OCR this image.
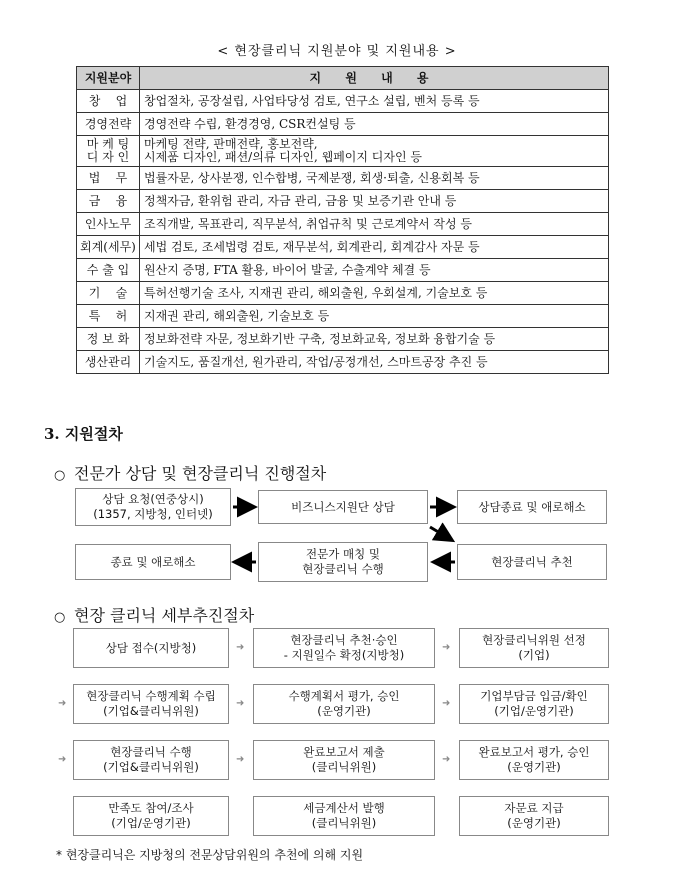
< 현장클리닉 지원분야 및 지원내용 >
지원분야	지 원 내 용
창    업	창업절차, 공장설립, 사업타당성 검토, 연구소 설립, 벤처 등록 등
경영전략	경영전략 수립, 환경경영, CSR컨설팅 등
마 케 팅
디 자 인	마케팅 전략, 판매전략, 홍보전략,
시제품 디자인, 패션/의류 디자인, 웹페이지 디자인 등
법    무	법률자문, 상사분쟁, 인수합병, 국제분쟁, 회생·퇴출, 신용회복 등
금    융	정책자금, 환위험 관리, 자금 관리, 금융 및 보증기관 안내 등
인사노무	조직개발, 목표관리, 직무분석, 취업규칙 및 근로계약서 작성 등
회계(세무)	세법 검토, 조세법령 검토, 재무분석, 회계관리, 회계감사 자문 등
수 출 입	원산지 증명, FTA 활용, 바이어 발굴, 수출계약 체결 등
기    술	특허선행기술 조사, 지재권 관리, 해외출원, 우회설계, 기술보호 등
특    허	지재권 관리, 해외출원, 기술보호 등
정 보 화	정보화전략 자문, 정보화기반 구축, 정보화교육, 정보화 융합기술 등
생산관리	기술지도, 품질개선, 원가관리, 작업/공정개선, 스마트공장 추진 등
3. 지원절차
○ 전문가 상담 및 현장클리닉 진행절차
상담 요청(연중상시)
(1357, 지방청, 인터넷)
비즈니스지원단 상담	상담종료 및 애로해소
종료 및 애로해소
전문가 매칭 및
현장클리닉 수행
현장클리닉 추천
○ 현장 클리닉 세부추진절차
상담 접수(지방청)
현장클리닉 추천·승인
- 지원일수 확정(지방청)
현장클리닉위원 선정
(기업)
현장클리닉 수행계획 수립
(기업&클리닉위원)
수행계획서 평가, 승인
(운영기관)
기업부담금 입금/확인
(기업/운영기관)
현장클리닉 수행
(기업&클리닉위원)
완료보고서 제출
(클리닉위원)
완료보고서 평가, 승인
(운영기관)
만족도 참여/조사
(기업/운영기관)
세금계산서 발행
(클리닉위원)
자문료 지급
(운영기관)
➜	➜
➜	➜	➜
➜	➜	➜
* 현장클리닉은 지방청의 전문상담위원의 추천에 의해 지원
